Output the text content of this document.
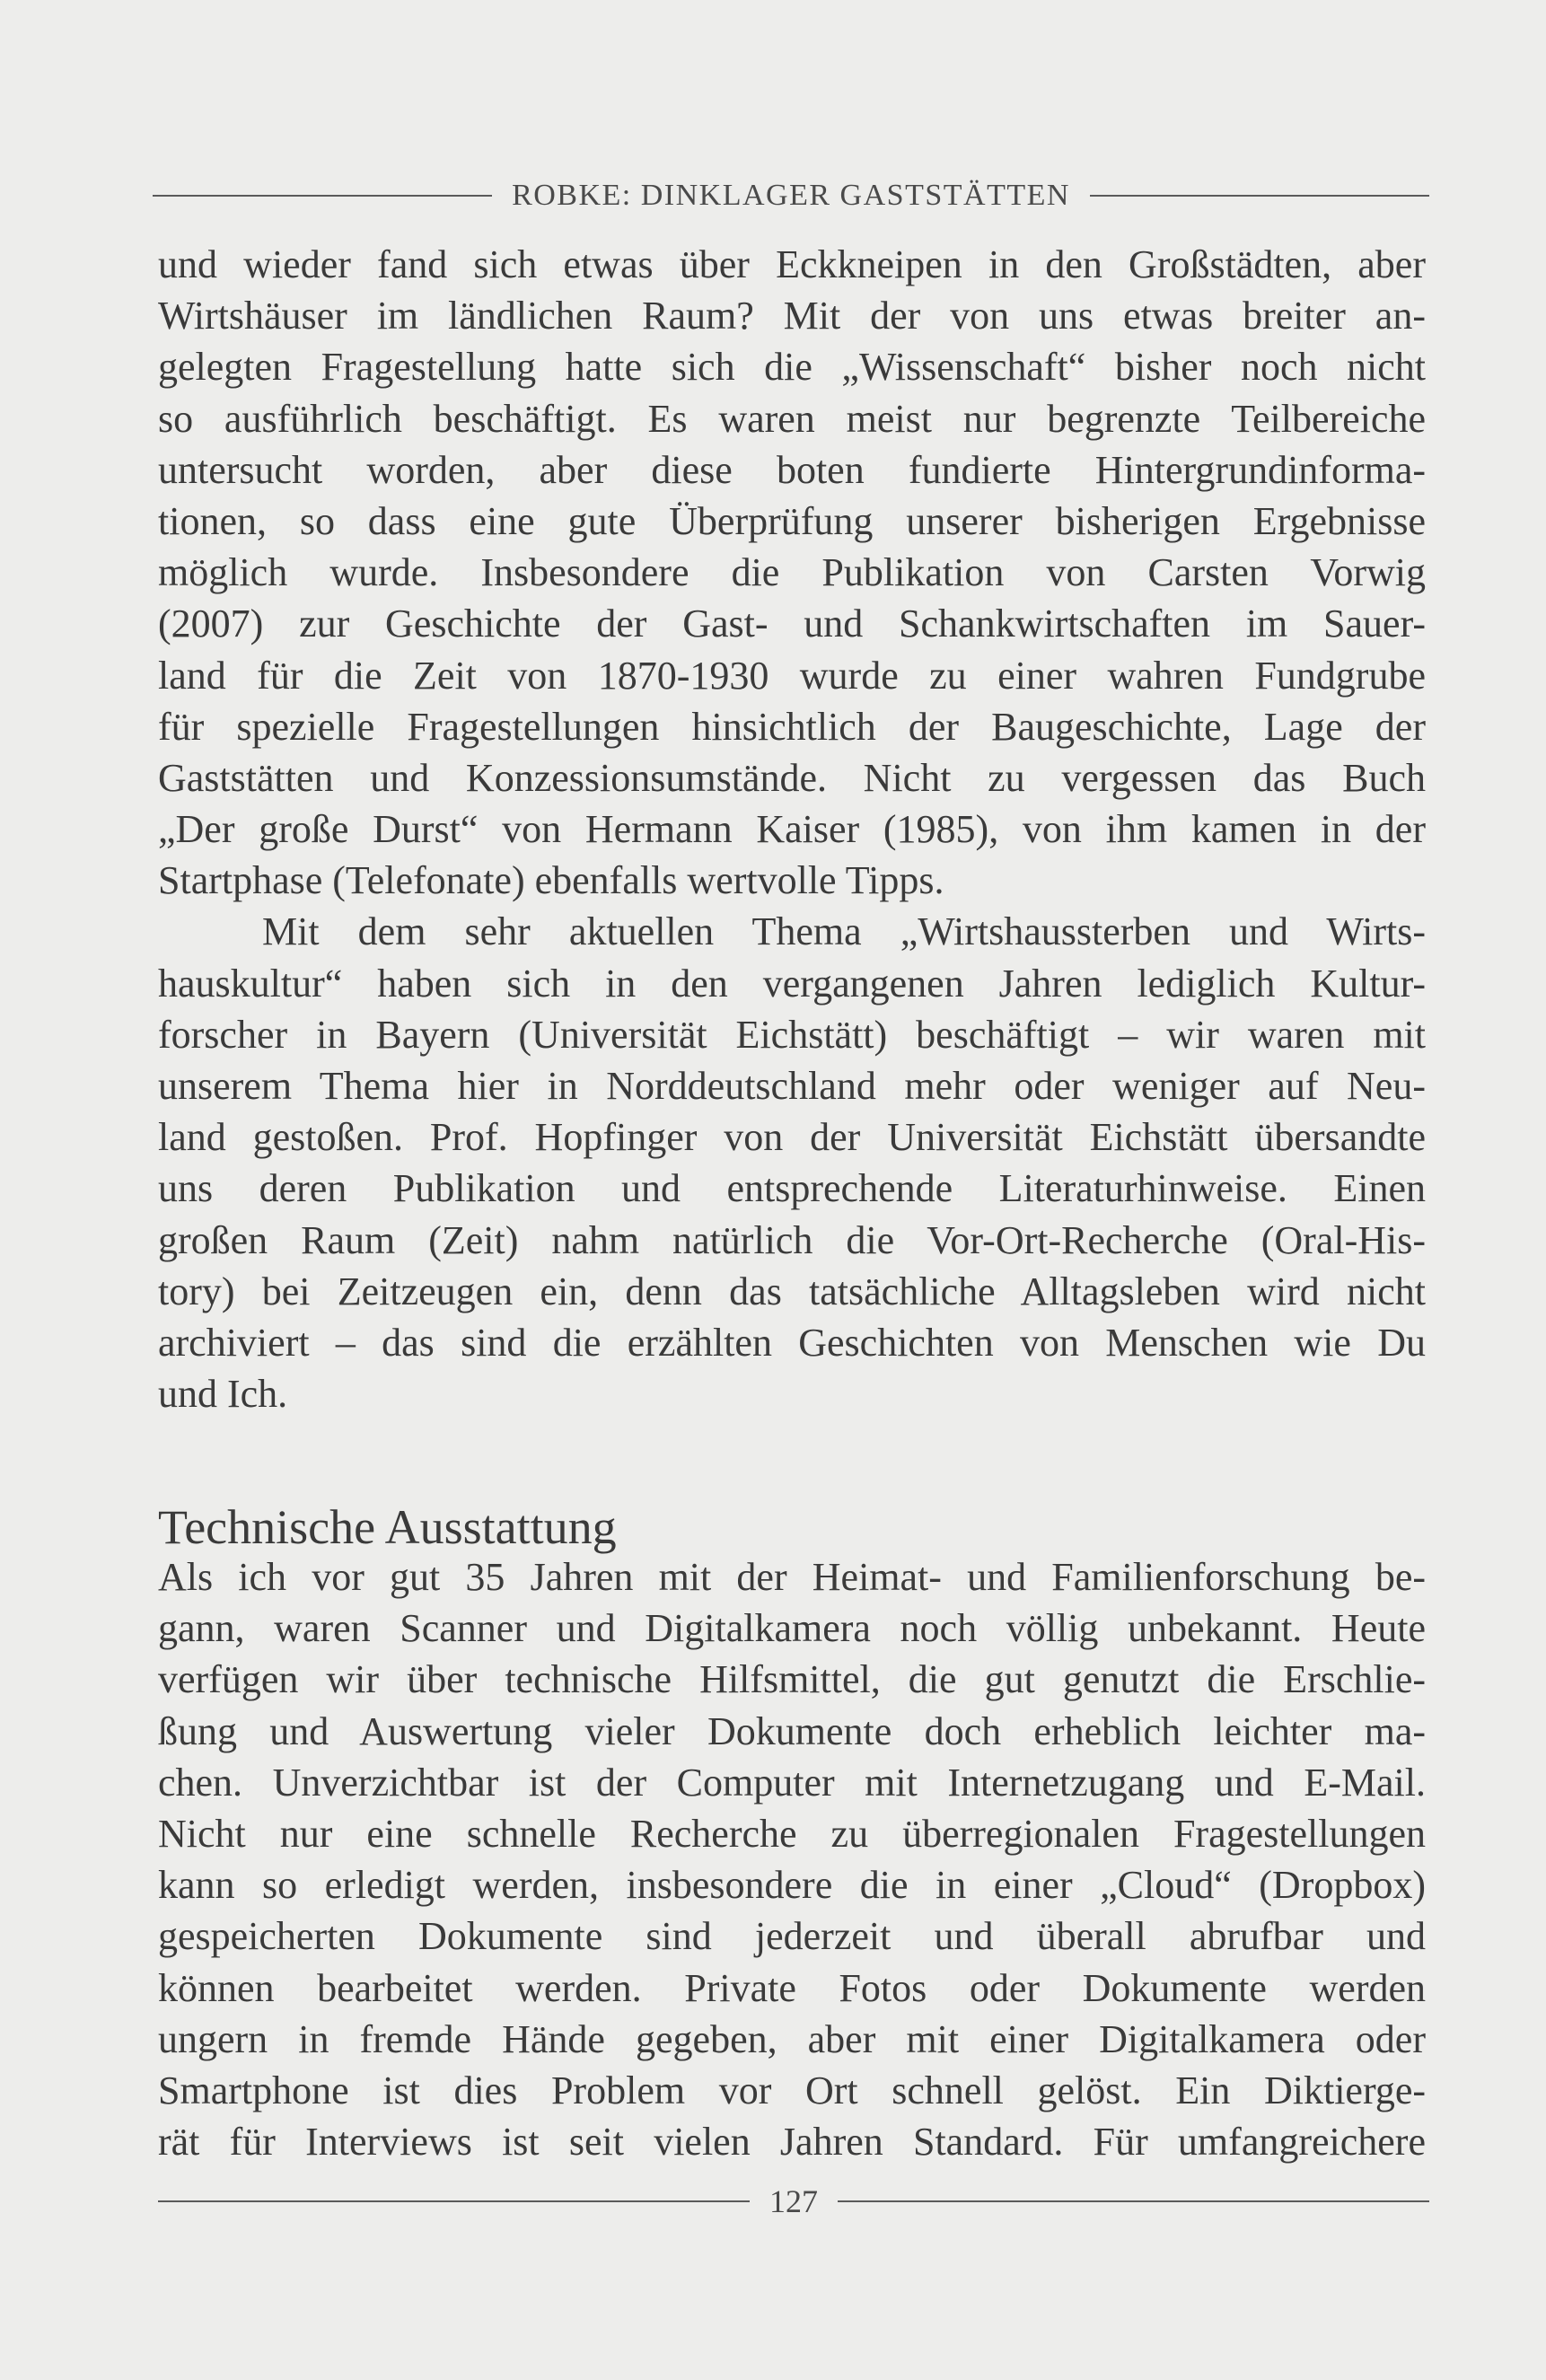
ROBKE: DINKLAGER GASTSTÄTTEN
und wieder fand sich etwas über Eckkneipen in den Großstädten, aber
Wirtshäuser im ländlichen Raum? Mit der von uns etwas breiter an-
gelegten Fragestellung hatte sich die „Wissenschaft“ bisher noch nicht
so ausführlich beschäftigt. Es waren meist nur begrenzte Teilbereiche
untersucht worden, aber diese boten fundierte Hintergrundinforma-
tionen, so dass eine gute Überprüfung unserer bisherigen Ergebnisse
möglich wurde. Insbesondere die Publikation von Carsten Vorwig
(2007) zur Geschichte der Gast- und Schankwirtschaften im Sauer-
land für die Zeit von 1870-1930 wurde zu einer wahren Fundgrube
für spezielle Fragestellungen hinsichtlich der Baugeschichte, Lage der
Gaststätten und Konzessionsumstände. Nicht zu vergessen das Buch
„Der große Durst“ von Hermann Kaiser (1985), von ihm kamen in der
Startphase (Telefonate) ebenfalls wertvolle Tipps.
Mit dem sehr aktuellen Thema „Wirtshaussterben und Wirts-
hauskultur“ haben sich in den vergangenen Jahren lediglich Kultur-
forscher in Bayern (Universität Eichstätt) beschäftigt – wir waren mit
unserem Thema hier in Norddeutschland mehr oder weniger auf Neu-
land gestoßen. Prof. Hopfinger von der Universität Eichstätt übersandte
uns deren Publikation und entsprechende Literaturhinweise. Einen
großen Raum (Zeit) nahm natürlich die Vor-Ort-Recherche (Oral-His-
tory) bei Zeitzeugen ein, denn das tatsächliche Alltagsleben wird nicht
archiviert – das sind die erzählten Geschichten von Menschen wie Du
und Ich.
Technische Ausstattung
Als ich vor gut 35 Jahren mit der Heimat- und Familienforschung be-
gann, waren Scanner und Digitalkamera noch völlig unbekannt. Heute
verfügen wir über technische Hilfsmittel, die gut genutzt die Erschlie-
ßung und Auswertung vieler Dokumente doch erheblich leichter ma-
chen. Unverzichtbar ist der Computer mit Internetzugang und E-Mail.
Nicht nur eine schnelle Recherche zu überregionalen Fragestellungen
kann so erledigt werden, insbesondere die in einer „Cloud“ (Dropbox)
gespeicherten Dokumente sind jederzeit und überall abrufbar und
können bearbeitet werden. Private Fotos oder Dokumente werden
ungern in fremde Hände gegeben, aber mit einer Digitalkamera oder
Smartphone ist dies Problem vor Ort schnell gelöst. Ein Diktierge-
rät für Interviews ist seit vielen Jahren Standard. Für umfangreichere
127
